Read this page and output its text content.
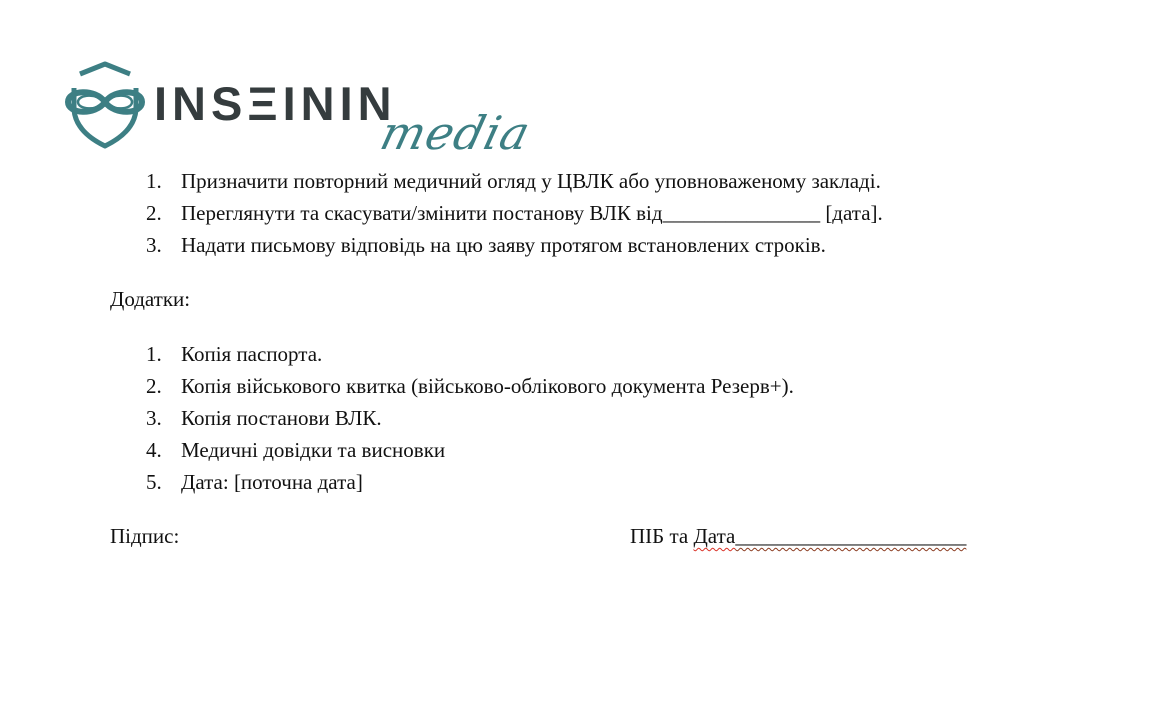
INSΞININ
media
1. Призначити повторний медичний огляд у ЦВЛК або уповноваженому закладі.
2. Переглянути та скасувати/змінити постанову ВЛК від_______________ [дата].
3. Надати письмову відповідь на цю заяву протягом встановлених строків.
Додатки:
1. Копія паспорта.
2. Копія військового квитка (військово-облікового документа Резерв+).
3. Копія постанови ВЛК.
4. Медичні довідки та висновки
5. Дата: [поточна дата]
Підпис:	ПІБ та Дата______________________
